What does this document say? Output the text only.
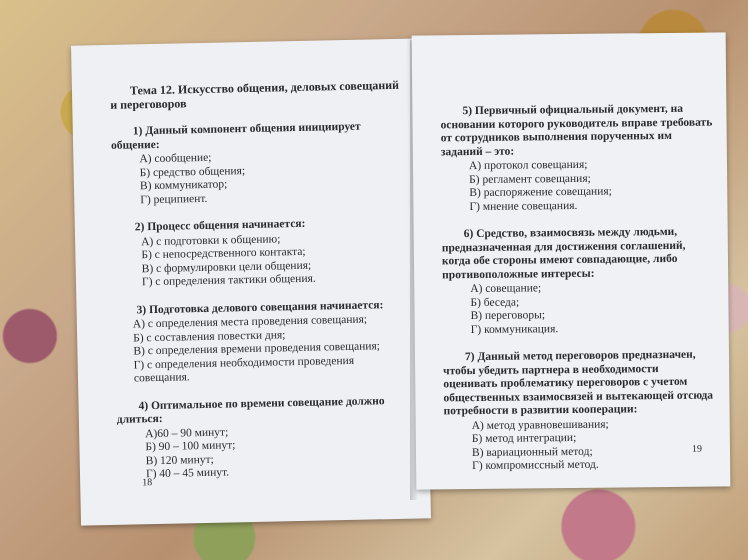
Тема 12. Искусство общения, деловых совещаний и переговоров
1) Данный компонент общения инициирует общение:
А) сообщение;
Б) средство общения;
В) коммуникатор;
Г) реципиент.
2) Процесс общения начинается:
А) с подготовки к общению;
Б) с непосредственного контакта;
В) с формулировки цели общения;
Г) с определения тактики общения.
3) Подготовка делового совещания начинается:
А) с определения места проведения совещания;
Б) с составления повестки дня;
В) с определения времени проведения совещания;
Г) с определения необходимости проведения совещания.
4) Оптимальное по времени совещание должно длиться:
А)60 – 90 минут;
Б) 90 – 100 минут;
В) 120 минут;
Г) 40 – 45 минут.
18
5) Первичный официальный документ, на основании которого руководитель вправе требовать от сотрудников выполнения порученных им заданий – это:
А) протокол совещания;
Б) регламент совещания;
В) распоряжение совещания;
Г) мнение совещания.
6) Средство, взаимосвязь между людьми, предназначенная для достижения соглашений, когда обе стороны имеют совпадающие, либо противоположные интересы:
А) совещание;
Б) беседа;
В) переговоры;
Г) коммуникация.
7) Данный метод переговоров предназначен, чтобы убедить партнера в необходимости оценивать проблематику переговоров с учетом общественных взаимосвязей и вытекающей отсюда потребности в развитии кооперации:
А) метод уравновешивания;
Б) метод интеграции;
В) вариационный метод;
Г) компромиссный метод.
19
